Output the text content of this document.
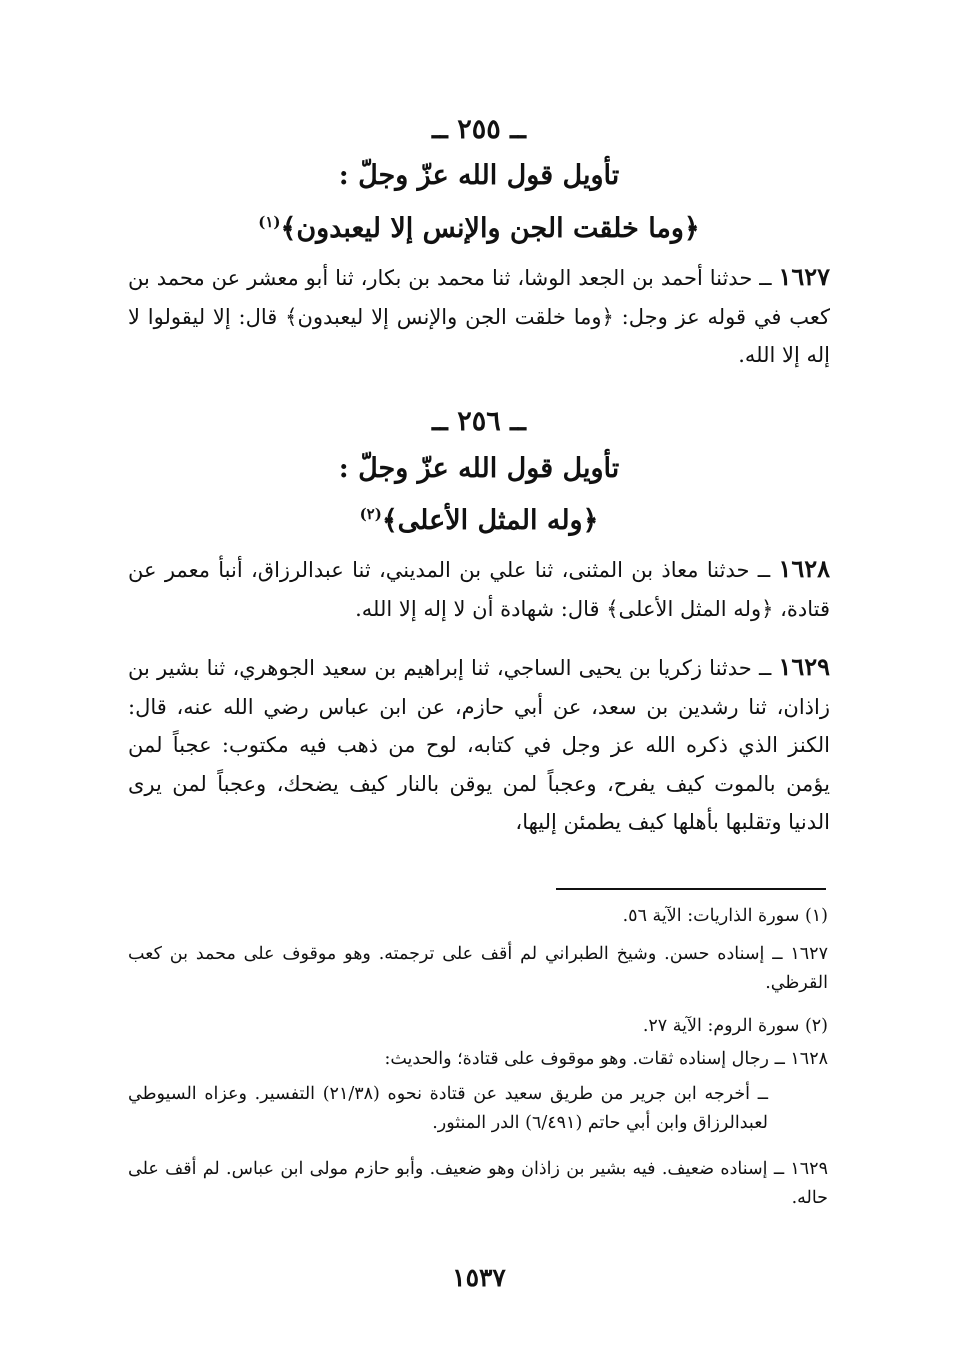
ــ ٢٥٥ ــ
تأويل قول الله عزّ وجلّ :
﴿وما خلقت الجن والإنس إلا ليعبدون﴾$^{(١)}$
١٦٢٧ ــ حدثنا أحمد بن الجعد الوشا، ثنا محمد بن بكار، ثنا أبو معشر عن محمد بن كعب في قوله عز وجل: ﴿وما خلقت الجن والإنس إلا ليعبدون﴾ قال: إلا ليقولوا لا إله إلا الله.
ــ ٢٥٦ ــ
تأويل قول الله عزّ وجلّ :
﴿وله المثل الأعلى﴾$^{(٢)}$
١٦٢٨ ــ حدثنا معاذ بن المثنى، ثنا علي بن المديني، ثنا عبدالرزاق، أنبأ معمر عن قتادة، ﴿وله المثل الأعلى﴾ قال: شهادة أن لا إله إلا الله.
١٦٢٩ ــ حدثنا زكريا بن يحيى الساجي، ثنا إبراهيم بن سعيد الجوهري، ثنا بشير بن زاذان، ثنا رشدين بن سعد، عن أبي حازم، عن ابن عباس رضي الله عنه، قال: الكنز الذي ذكره الله عز وجل في كتابه، لوح من ذهب فيه مكتوب: عجباً لمن يؤمن بالموت كيف يفرح، وعجباً لمن يوقن بالنار كيف يضحك، وعجباً لمن يرى الدنيا وتقلبها بأهلها كيف يطمئن إليها،
(١) سورة الذاريات: الآية ٥٦.
١٦٢٧ ــ إسناده حسن. وشيخ الطبراني لم أقف على ترجمته. وهو موقوف على محمد بن كعب القرظي.
(٢) سورة الروم: الآية ٢٧.
١٦٢٨ ــ رجال إسناده ثقات. وهو موقوف على قتادة؛ والحديث:
ــ أخرجه ابن جرير من طريق سعيد عن قتادة نحوه (٢١/٣٨) التفسير. وعزاه السيوطي لعبدالرزاق وابن أبي حاتم (٦/٤٩١) الدر المنثور.
١٦٢٩ ــ إسناده ضعيف. فيه بشير بن زاذان وهو ضعيف. وأبو حازم مولى ابن عباس. لم أقف على حاله.
١٥٣٧
